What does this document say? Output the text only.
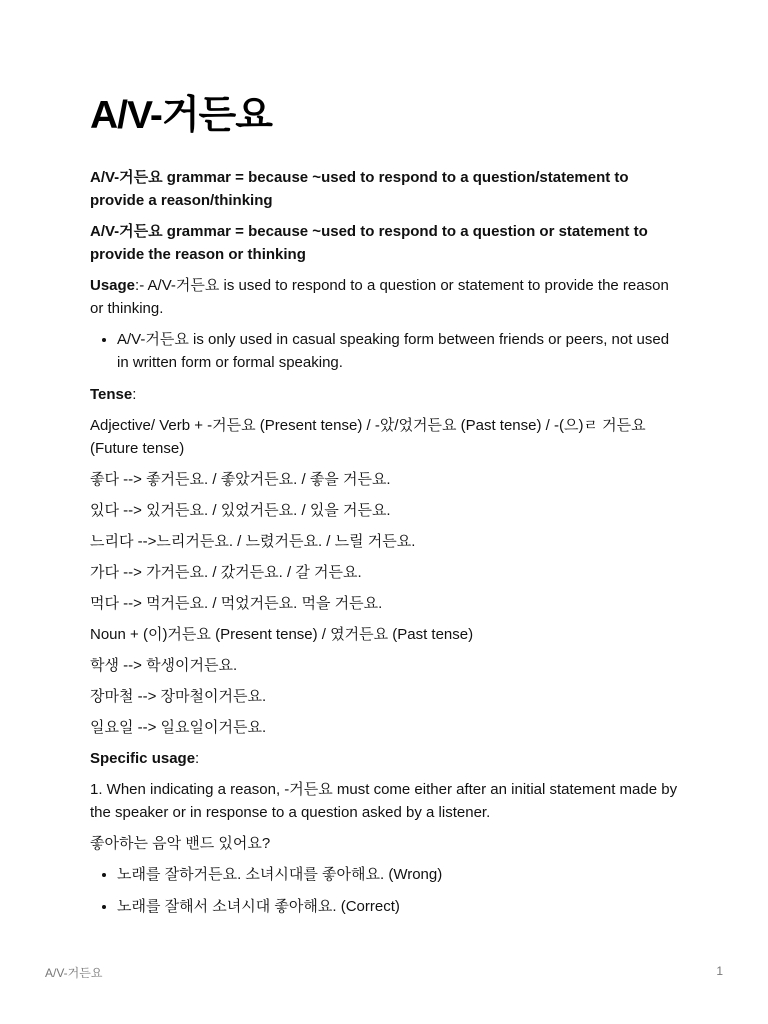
A/V-거든요

A/V-거든요 grammar = because ~used to respond to a question/statement to provide a reason/thinking

A/V-거든요 grammar = because ~used to respond to a question or statement to provide the reason or thinking

Usage:- A/V-거든요 is used to respond to a question or statement to provide the reason or thinking.

• A/V-거든요 is only used in casual speaking form between friends or peers, not used in written form or formal speaking.

Tense:

Adjective/ Verb + -거든요 (Present tense) / -았/었거든요 (Past tense) / -(으)ㄹ 거든요 (Future tense)

좋다 --> 좋거든요. / 좋았거든요. / 좋을 거든요.

있다 --> 있거든요. / 있었거든요. / 있을 거든요.

느리다 -->느리거든요. / 느렸거든요. / 느릴 거든요.

가다 --> 가거든요. / 갔거든요. / 갈 거든요.

먹다 --> 먹거든요. / 먹었거든요. 먹을 거든요.

Noun + (이)거든요 (Present tense) / 였거든요 (Past tense)

학생 --> 학생이거든요.

장마철 --> 장마철이거든요.

일요일 --> 일요일이거든요.

Specific usage:

1. When indicating a reason, -거든요 must come either after an initial statement made by the speaker or in response to a question asked by a listener.

좋아하는 음악 밴드 있어요?

• 노래를 잘하거든요. 소녀시대를 좋아해요. (Wrong)
• 노래를 잘해서 소녀시대 좋아해요. (Correct)
A/V-거든요	1
